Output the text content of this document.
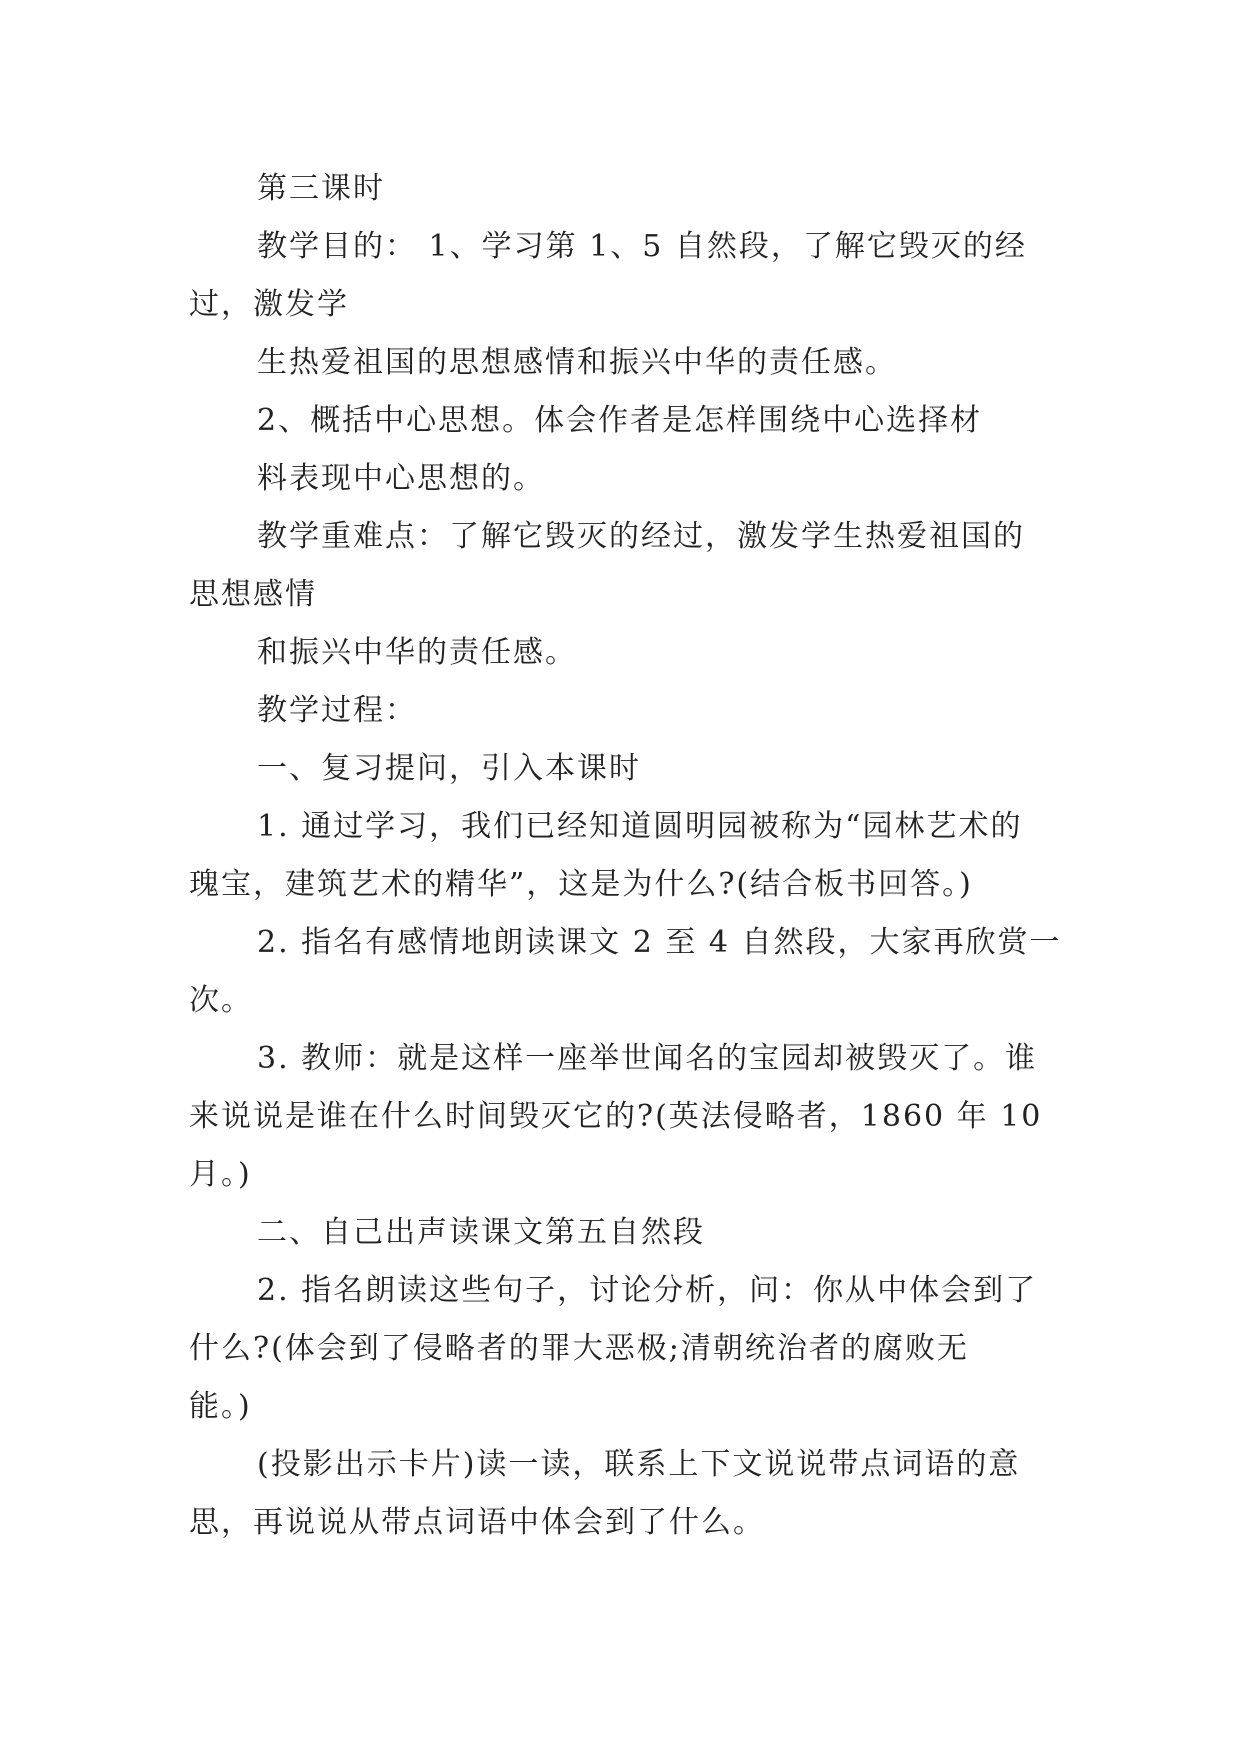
第三课时

教学目的： 1、学习第 1、5 自然段，了解它毁灭的经

过，激发学

生热爱祖国的思想感情和振兴中华的责任感。

2、概括中心思想。体会作者是怎样围绕中心选择材

料表现中心思想的。

教学重难点：了解它毁灭的经过，激发学生热爱祖国的

思想感情

和振兴中华的责任感。

教学过程：

一、复习提问，引入本课时

1. 通过学习，我们已经知道圆明园被称为“园林艺术的

瑰宝，建筑艺术的精华”，这是为什么?(结合板书回答。)

2. 指名有感情地朗读课文 2 至 4 自然段，大家再欣赏一

次。

3. 教师：就是这样一座举世闻名的宝园却被毁灭了。谁

来说说是谁在什么时间毁灭它的?(英法侵略者，1860 年 10

月。)

二、自己出声读课文第五自然段

2. 指名朗读这些句子，讨论分析，问：你从中体会到了

什么?(体会到了侵略者的罪大恶极;清朝统治者的腐败无

能。)

(投影出示卡片)读一读，联系上下文说说带点词语的意

思，再说说从带点词语中体会到了什么。
